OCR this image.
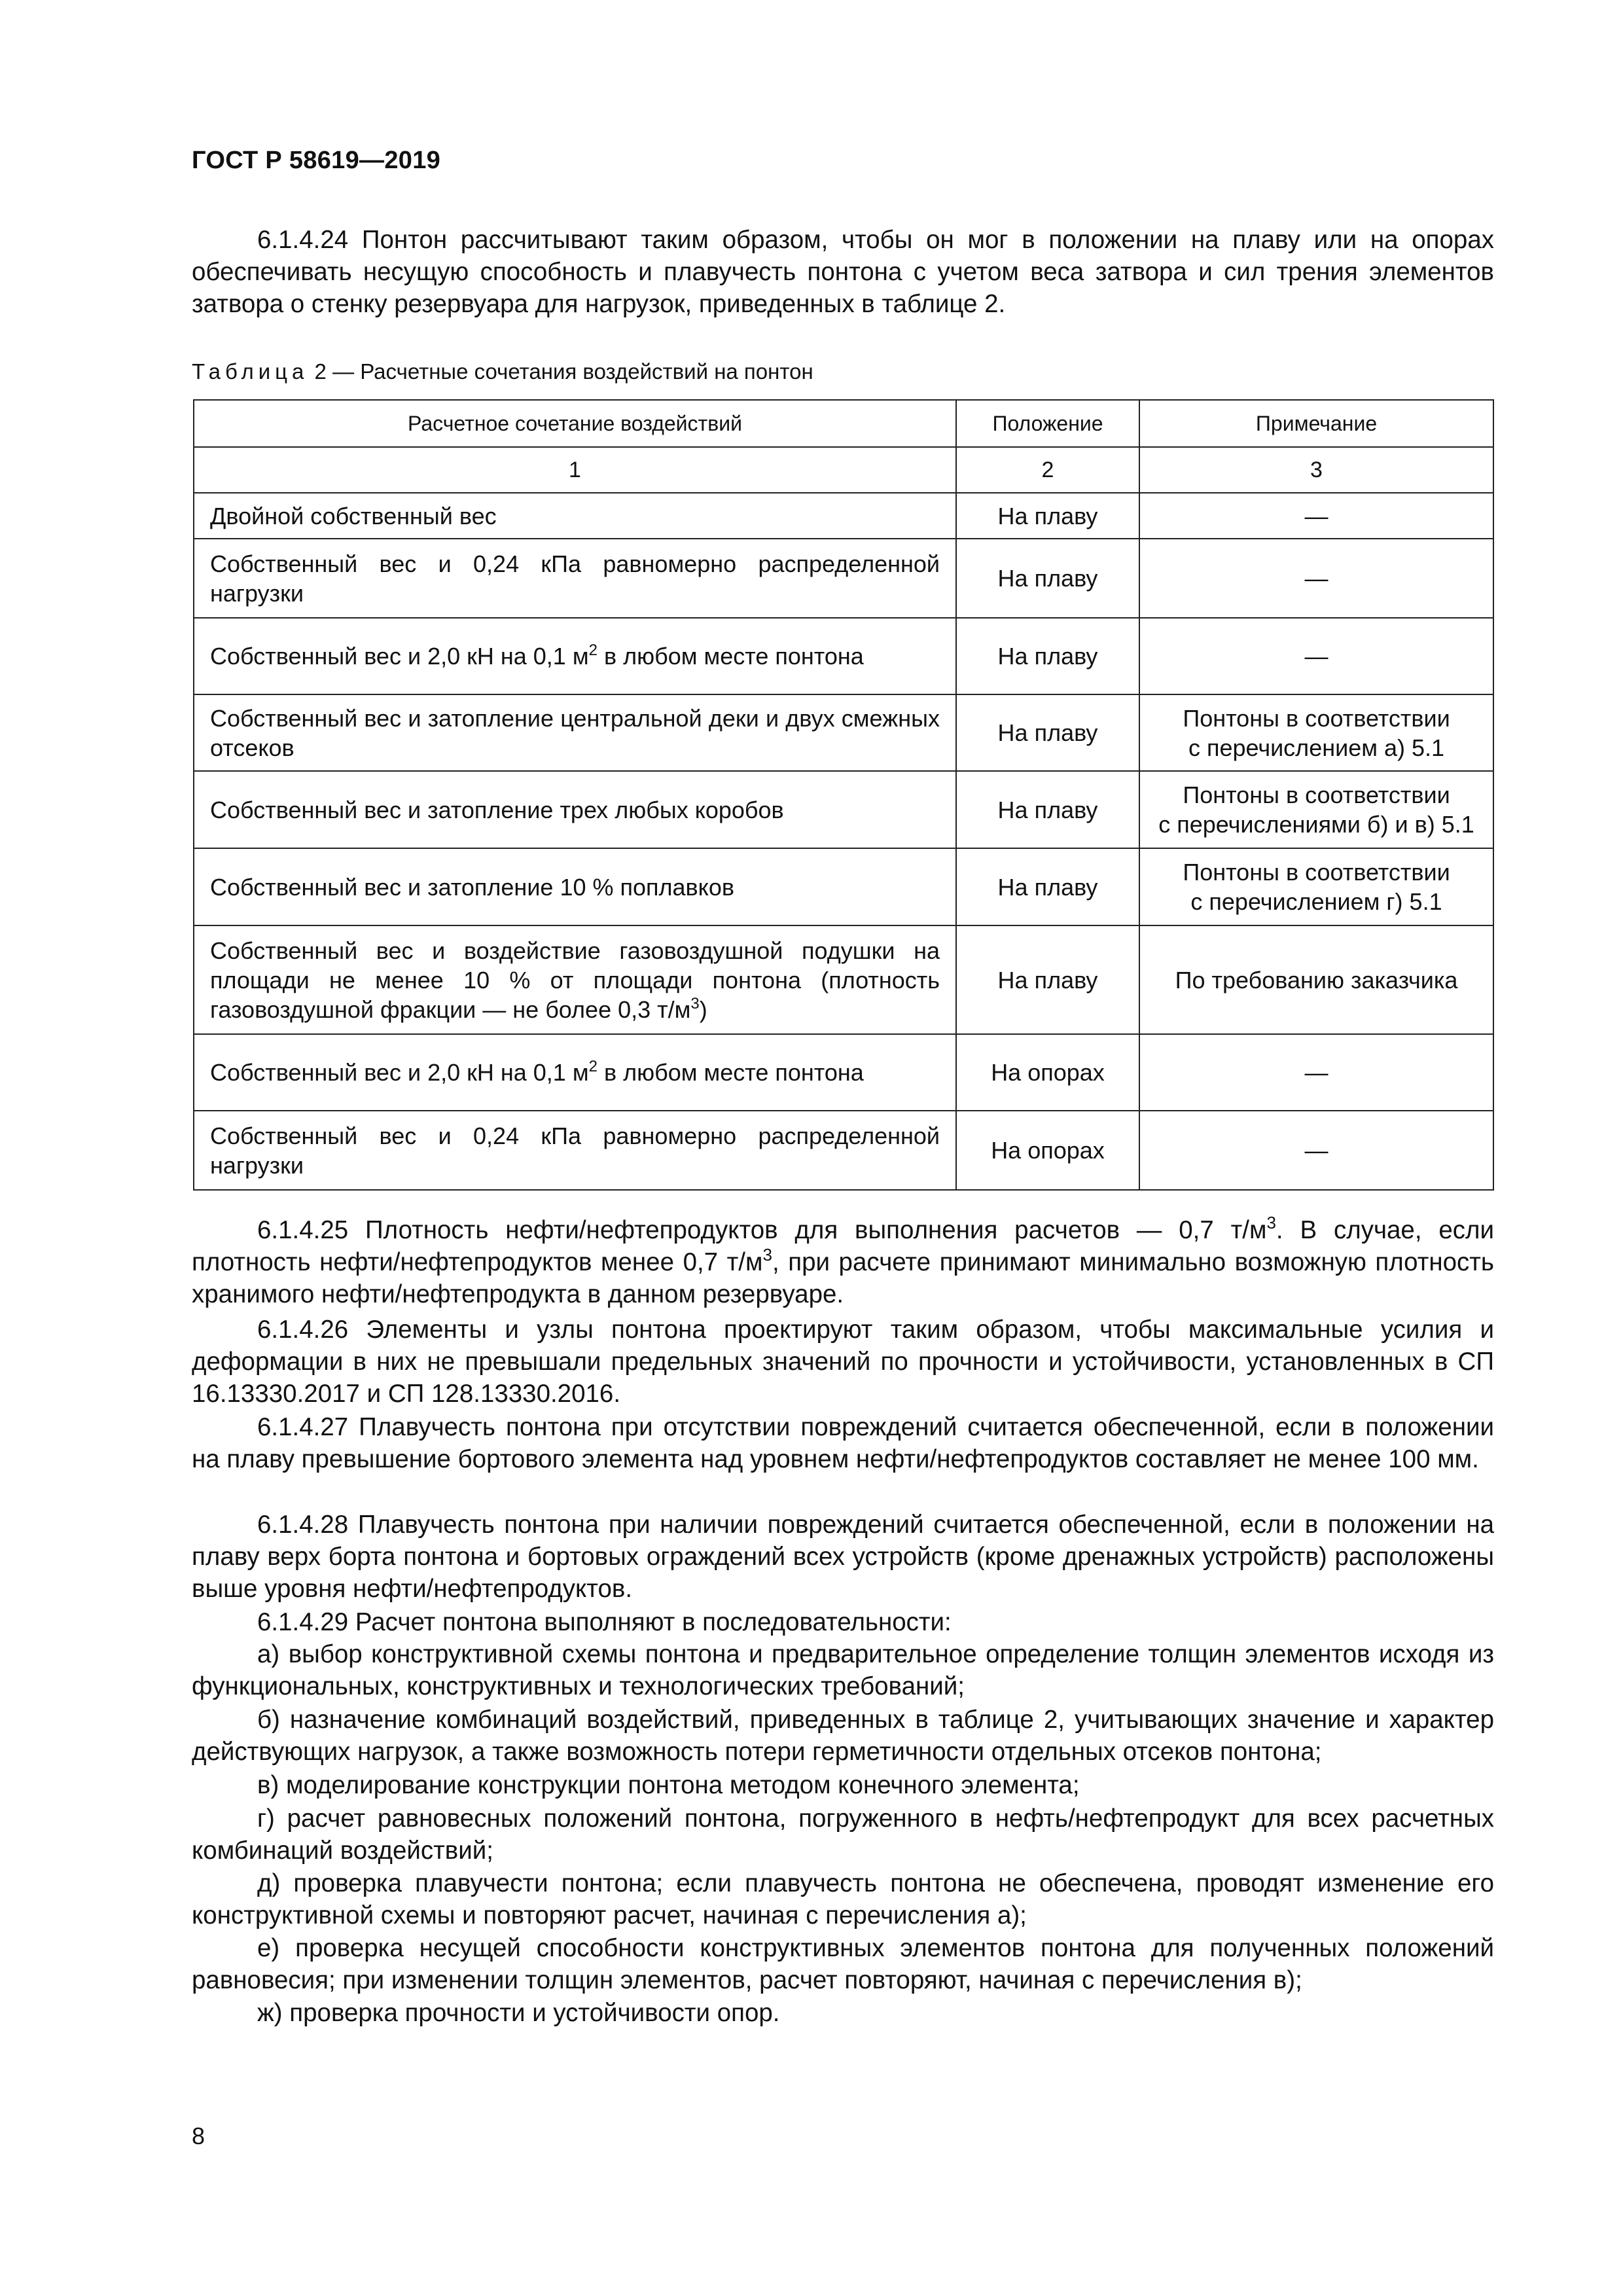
ГОСТ Р 58619—2019

6.1.4.24 Понтон рассчитывают таким образом, чтобы он мог в положении на плаву или на опорах обеспечивать несущую способность и плавучесть понтона с учетом веса затвора и сил трения элементов затвора о стенку резервуара для нагрузок, приведенных в таблице 2.

Таблица 2 — Расчетные сочетания воздействий на понтон
Расчетное сочетание воздействий	Положение	Примечание
1	2	3
Двойной собственный вес	На плаву	—
Собственный вес и 0,24 кПа равномерно распределенной нагрузки	На плаву	—
Собственный вес и 2,0 кН на 0,1 $м^2$ в любом месте понтона	На плаву	—
Собственный вес и затопление центральной деки и двух смежных отсеков	На плаву	Понтоны в соответствии
с перечислением а) 5.1
Собственный вес и затопление трех любых коробов	На плаву	Понтоны в соответствии
с перечислениями б) и в) 5.1
Собственный вес и затопление 10 % поплавков	На плаву	Понтоны в соответствии
с перечислением г) 5.1
Собственный вес и воздействие газовоздушной подушки на площади не менее 10 % от площади понтона (плотность газовоздушной фракции — не более 0,3 $т/м^3$)	На плаву	По требованию заказчика
Собственный вес и 2,0 кН на 0,1 $м^2$ в любом месте понтона	На опорах	—
Собственный вес и 0,24 кПа равномерно распределенной нагрузки	На опорах	—

6.1.4.25 Плотность нефти/нефтепродуктов для выполнения расчетов — 0,7 $т/м^3$. В случае, если плотность нефти/нефтепродуктов менее 0,7 $т/м^3$, при расчете принимают минимально возможную плотность хранимого нефти/нефтепродукта в данном резервуаре.

6.1.4.26 Элементы и узлы понтона проектируют таким образом, чтобы максимальные усилия и деформации в них не превышали предельных значений по прочности и устойчивости, установленных в СП 16.13330.2017 и СП 128.13330.2016.

6.1.4.27 Плавучесть понтона при отсутствии повреждений считается обеспеченной, если в положении на плаву превышение бортового элемента над уровнем нефти/нефтепродуктов составляет не менее 100 мм.

6.1.4.28 Плавучесть понтона при наличии повреждений считается обеспеченной, если в положении на плаву верх борта понтона и бортовых ограждений всех устройств (кроме дренажных устройств) расположены выше уровня нефти/нефтепродуктов.

6.1.4.29 Расчет понтона выполняют в последовательности:

а) выбор конструктивной схемы понтона и предварительное определение толщин элементов исходя из функциональных, конструктивных и технологических требований;

б) назначение комбинаций воздействий, приведенных в таблице 2, учитывающих значение и характер действующих нагрузок, а также возможность потери герметичности отдельных отсеков понтона;

в) моделирование конструкции понтона методом конечного элемента;

г) расчет равновесных положений понтона, погруженного в нефть/нефтепродукт для всех расчетных комбинаций воздействий;

д) проверка плавучести понтона; если плавучесть понтона не обеспечена, проводят изменение его конструктивной схемы и повторяют расчет, начиная с перечисления а);

е) проверка несущей способности конструктивных элементов понтона для полученных положений равновесия; при изменении толщин элементов, расчет повторяют, начиная с перечисления в);

ж) проверка прочности и устойчивости опор.

8
